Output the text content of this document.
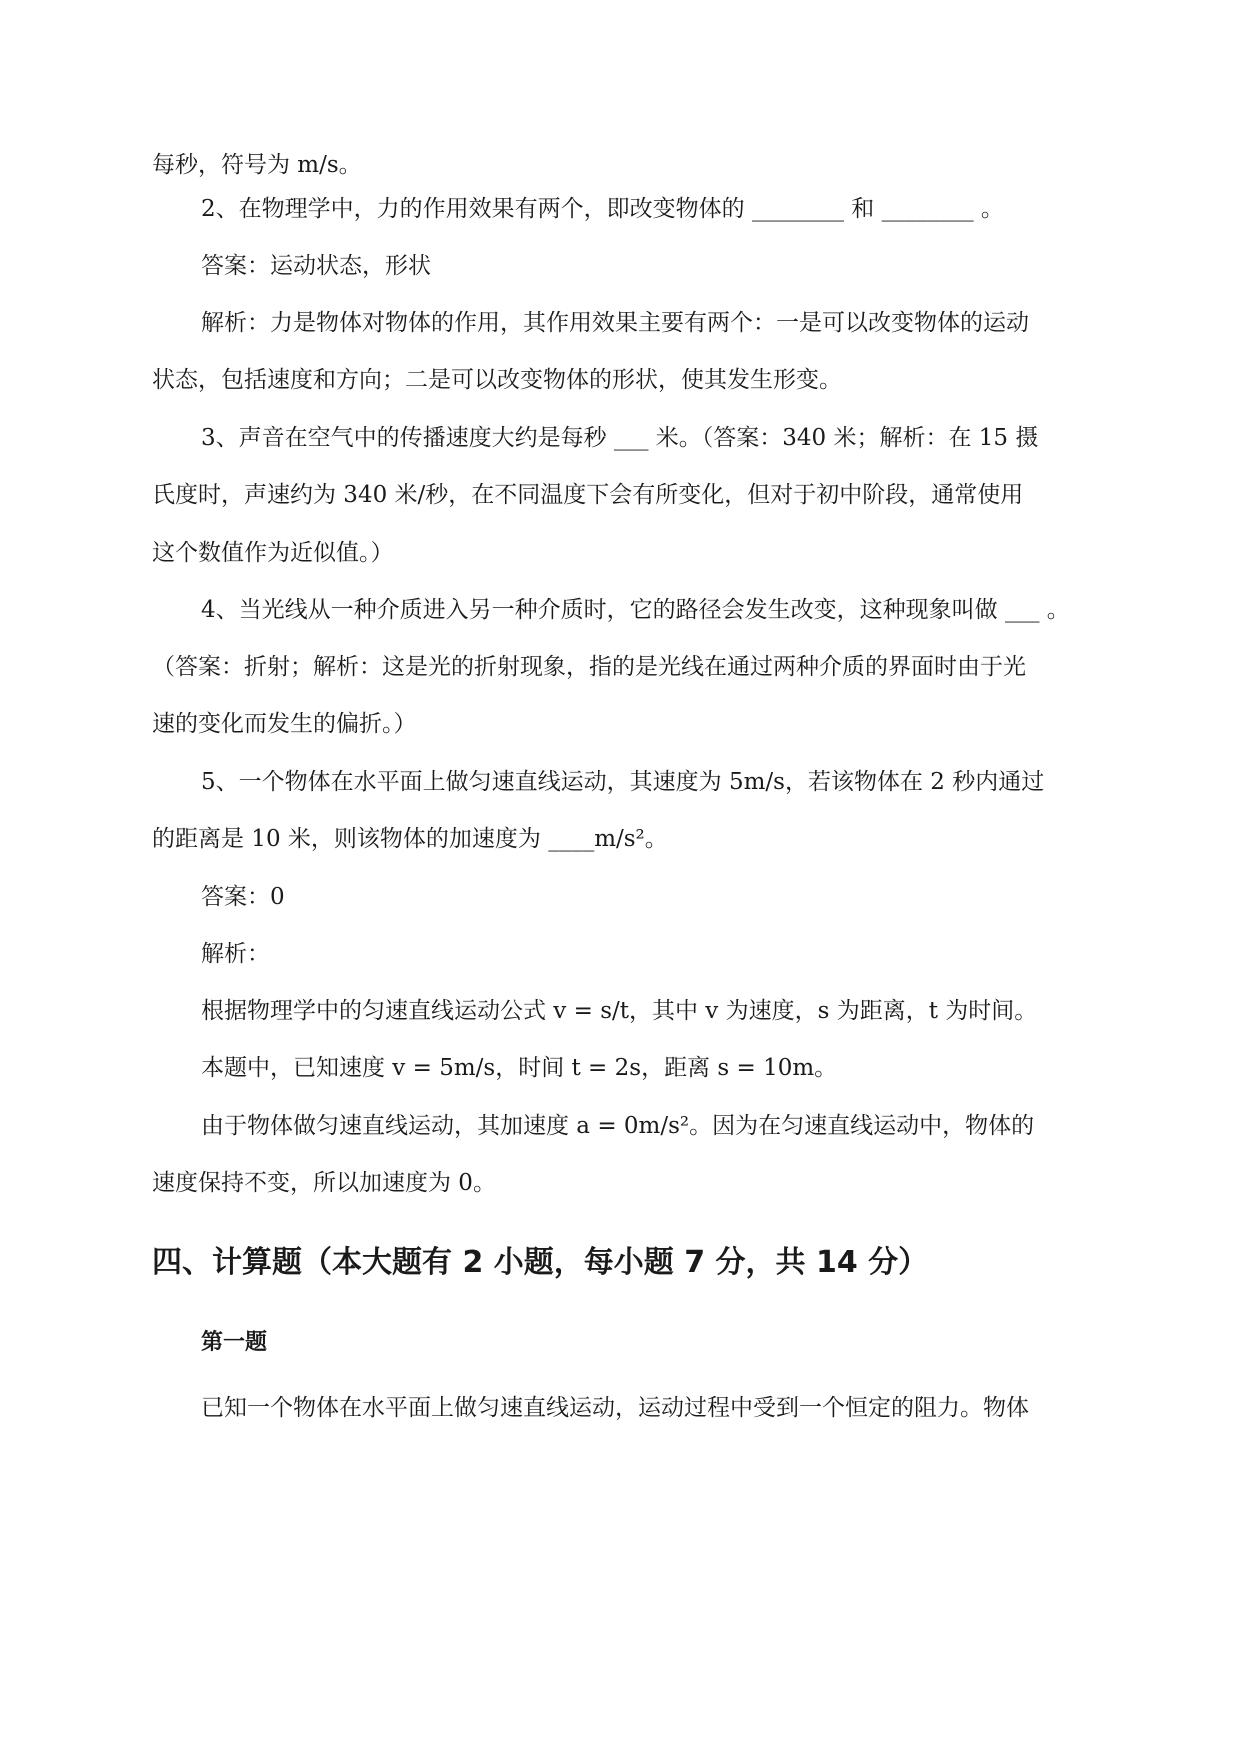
每秒，符号为 m/s。
2、在物理学中，力的作用效果有两个，即改变物体的 ________ 和 ________ 。
答案：运动状态，形状
解析：力是物体对物体的作用，其作用效果主要有两个：一是可以改变物体的运动
状态，包括速度和方向；二是可以改变物体的形状，使其发生形变。
3、声音在空气中的传播速度大约是每秒 ___ 米。（答案：340 米；解析：在 15 摄
氏度时，声速约为 340 米/秒，在不同温度下会有所变化，但对于初中阶段，通常使用
这个数值作为近似值。）
4、当光线从一种介质进入另一种介质时，它的路径会发生改变，这种现象叫做 ___ 。
（答案：折射；解析：这是光的折射现象，指的是光线在通过两种介质的界面时由于光
速的变化而发生的偏折。）
5、一个物体在水平面上做匀速直线运动，其速度为 5m/s，若该物体在 2 秒内通过
的距离是 10 米，则该物体的加速度为 ____m/s²。
答案：0
解析：
根据物理学中的匀速直线运动公式 v = s/t，其中 v 为速度，s 为距离，t 为时间。
本题中，已知速度 v = 5m/s，时间 t = 2s，距离 s = 10m。
由于物体做匀速直线运动，其加速度 a = 0m/s²。因为在匀速直线运动中，物体的
速度保持不变，所以加速度为 0。
四、计算题（本大题有 2 小题，每小题 7 分，共 14 分）
第一题
已知一个物体在水平面上做匀速直线运动，运动过程中受到一个恒定的阻力。物体
